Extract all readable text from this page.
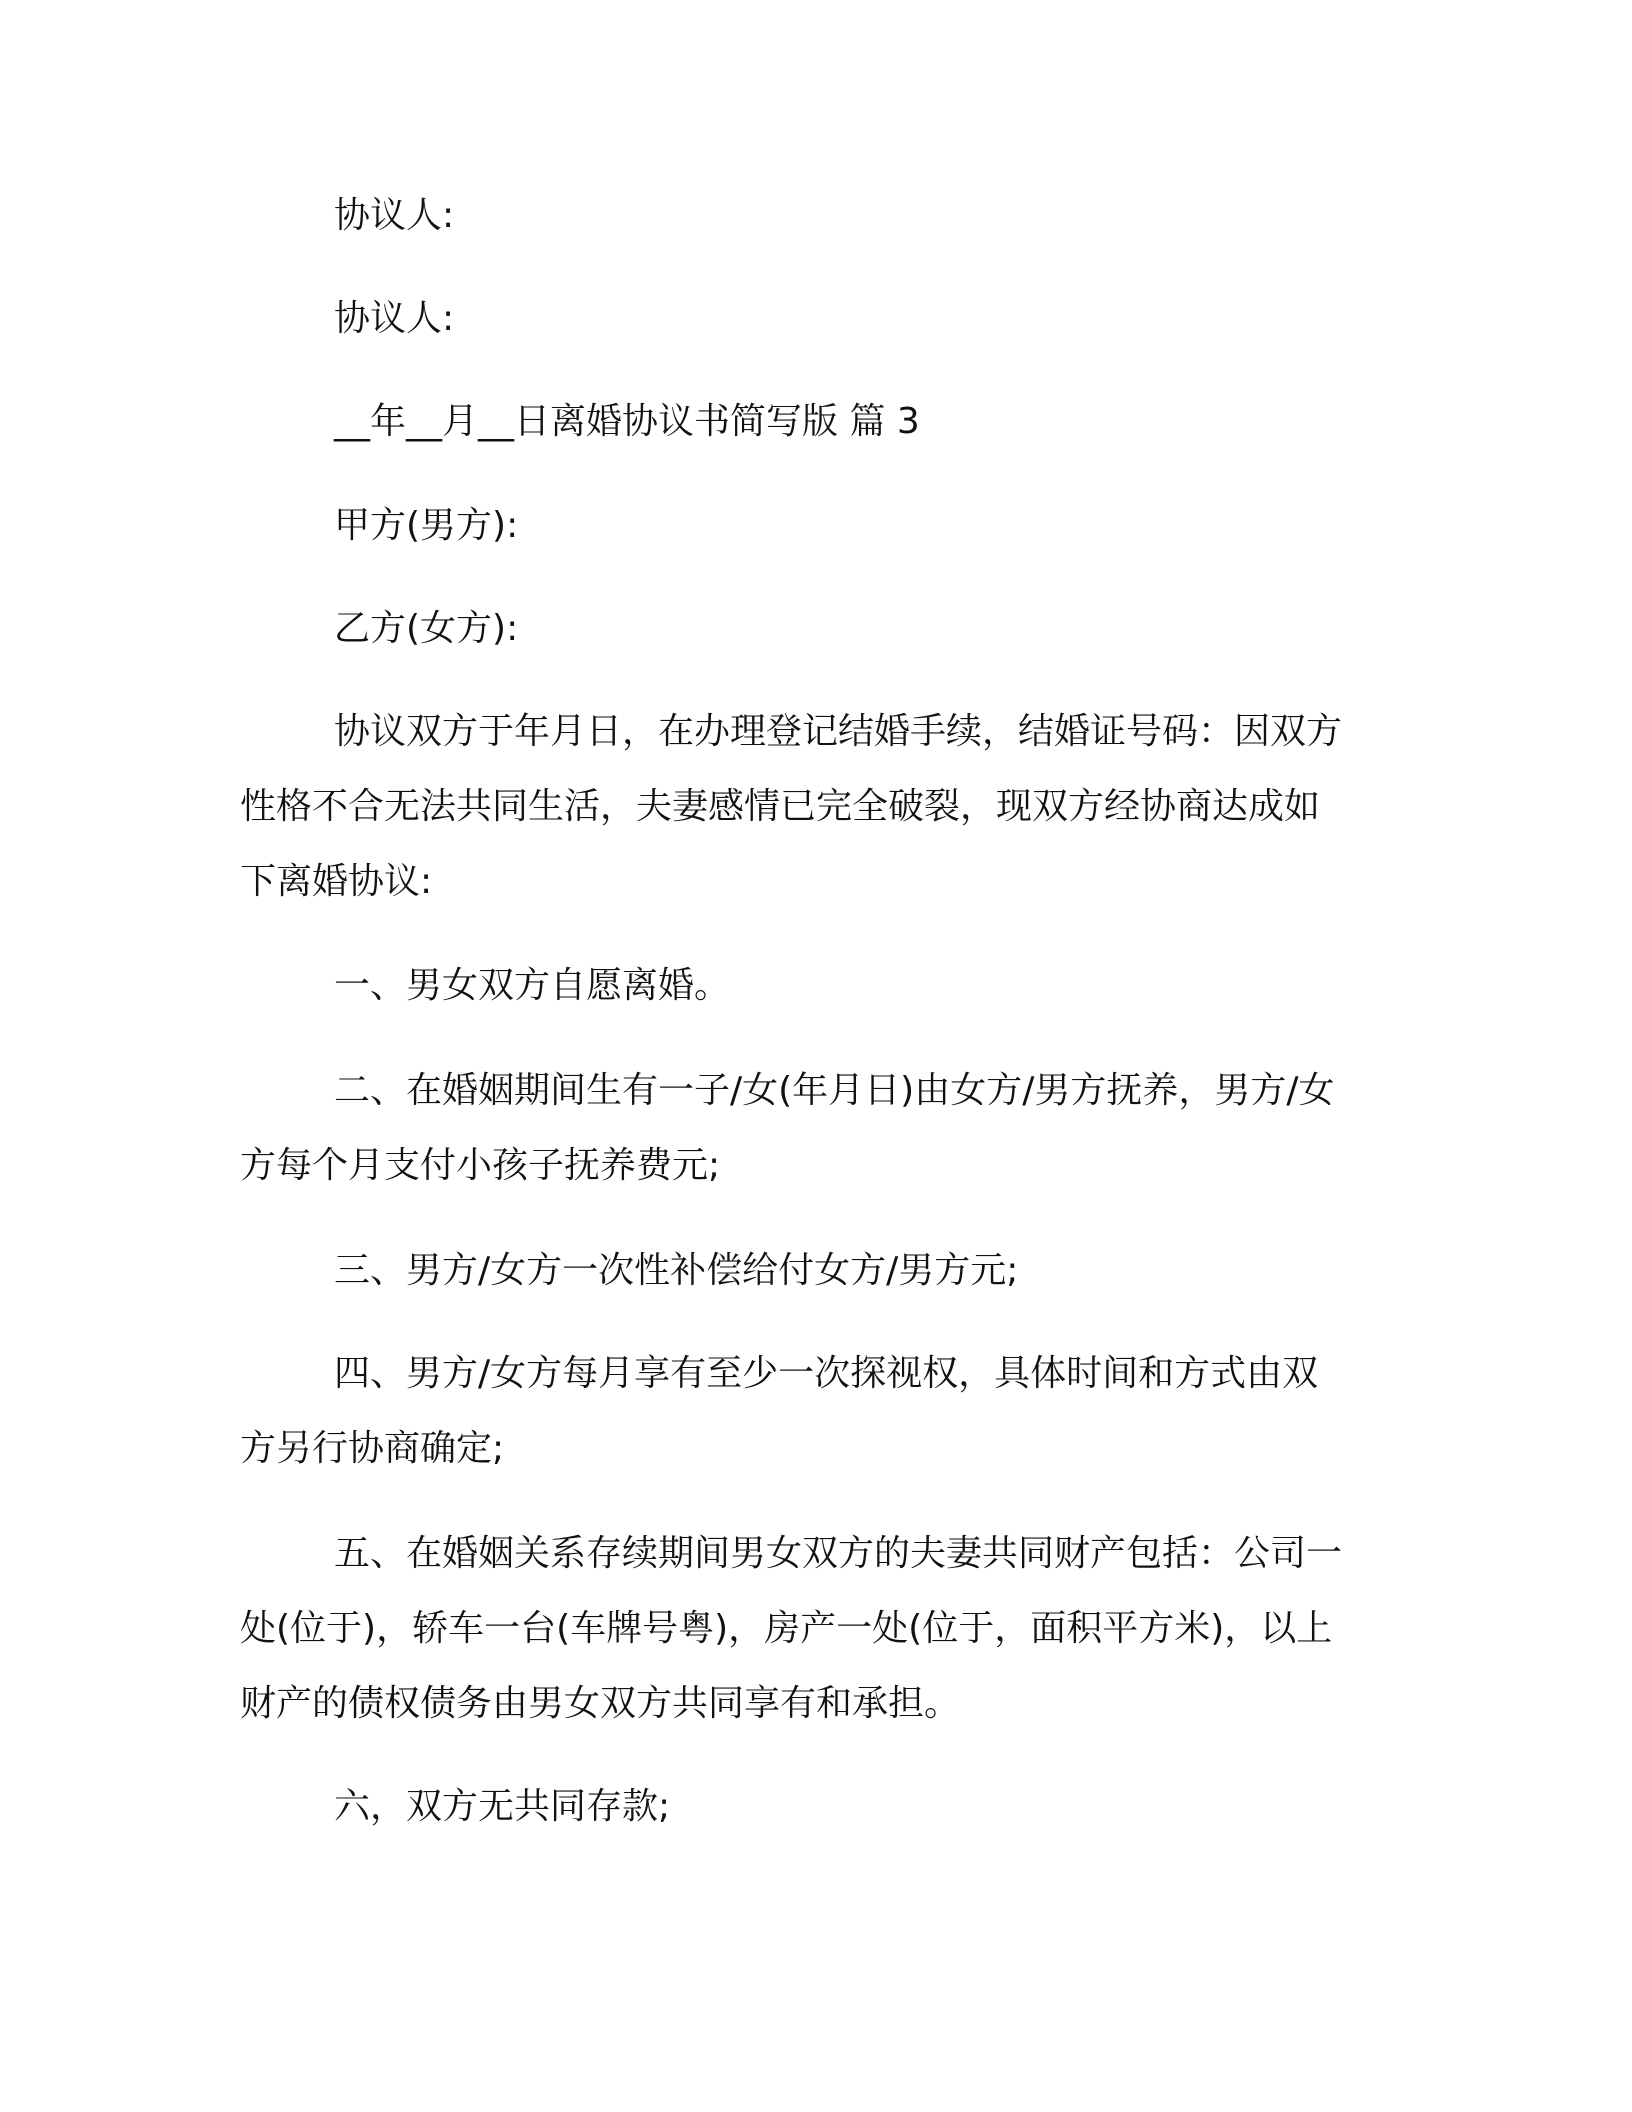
协议人:
协议人:
__年__月__日离婚协议书简写版 篇 3
甲方(男方):
乙方(女方):
协议双方于年月日，在办理登记结婚手续，结婚证号码：因双方
性格不合无法共同生活，夫妻感情已完全破裂，现双方经协商达成如
下离婚协议:
一、男女双方自愿离婚。
二、在婚姻期间生有一子/女(年月日)由女方/男方抚养，男方/女
方每个月支付小孩子抚养费元;
三、男方/女方一次性补偿给付女方/男方元;
四、男方/女方每月享有至少一次探视权，具体时间和方式由双
方另行协商确定;
五、在婚姻关系存续期间男女双方的夫妻共同财产包括：公司一
处(位于)，轿车一台(车牌号粤)，房产一处(位于，面积平方米)，以上
财产的债权债务由男女双方共同享有和承担。
六，双方无共同存款;
